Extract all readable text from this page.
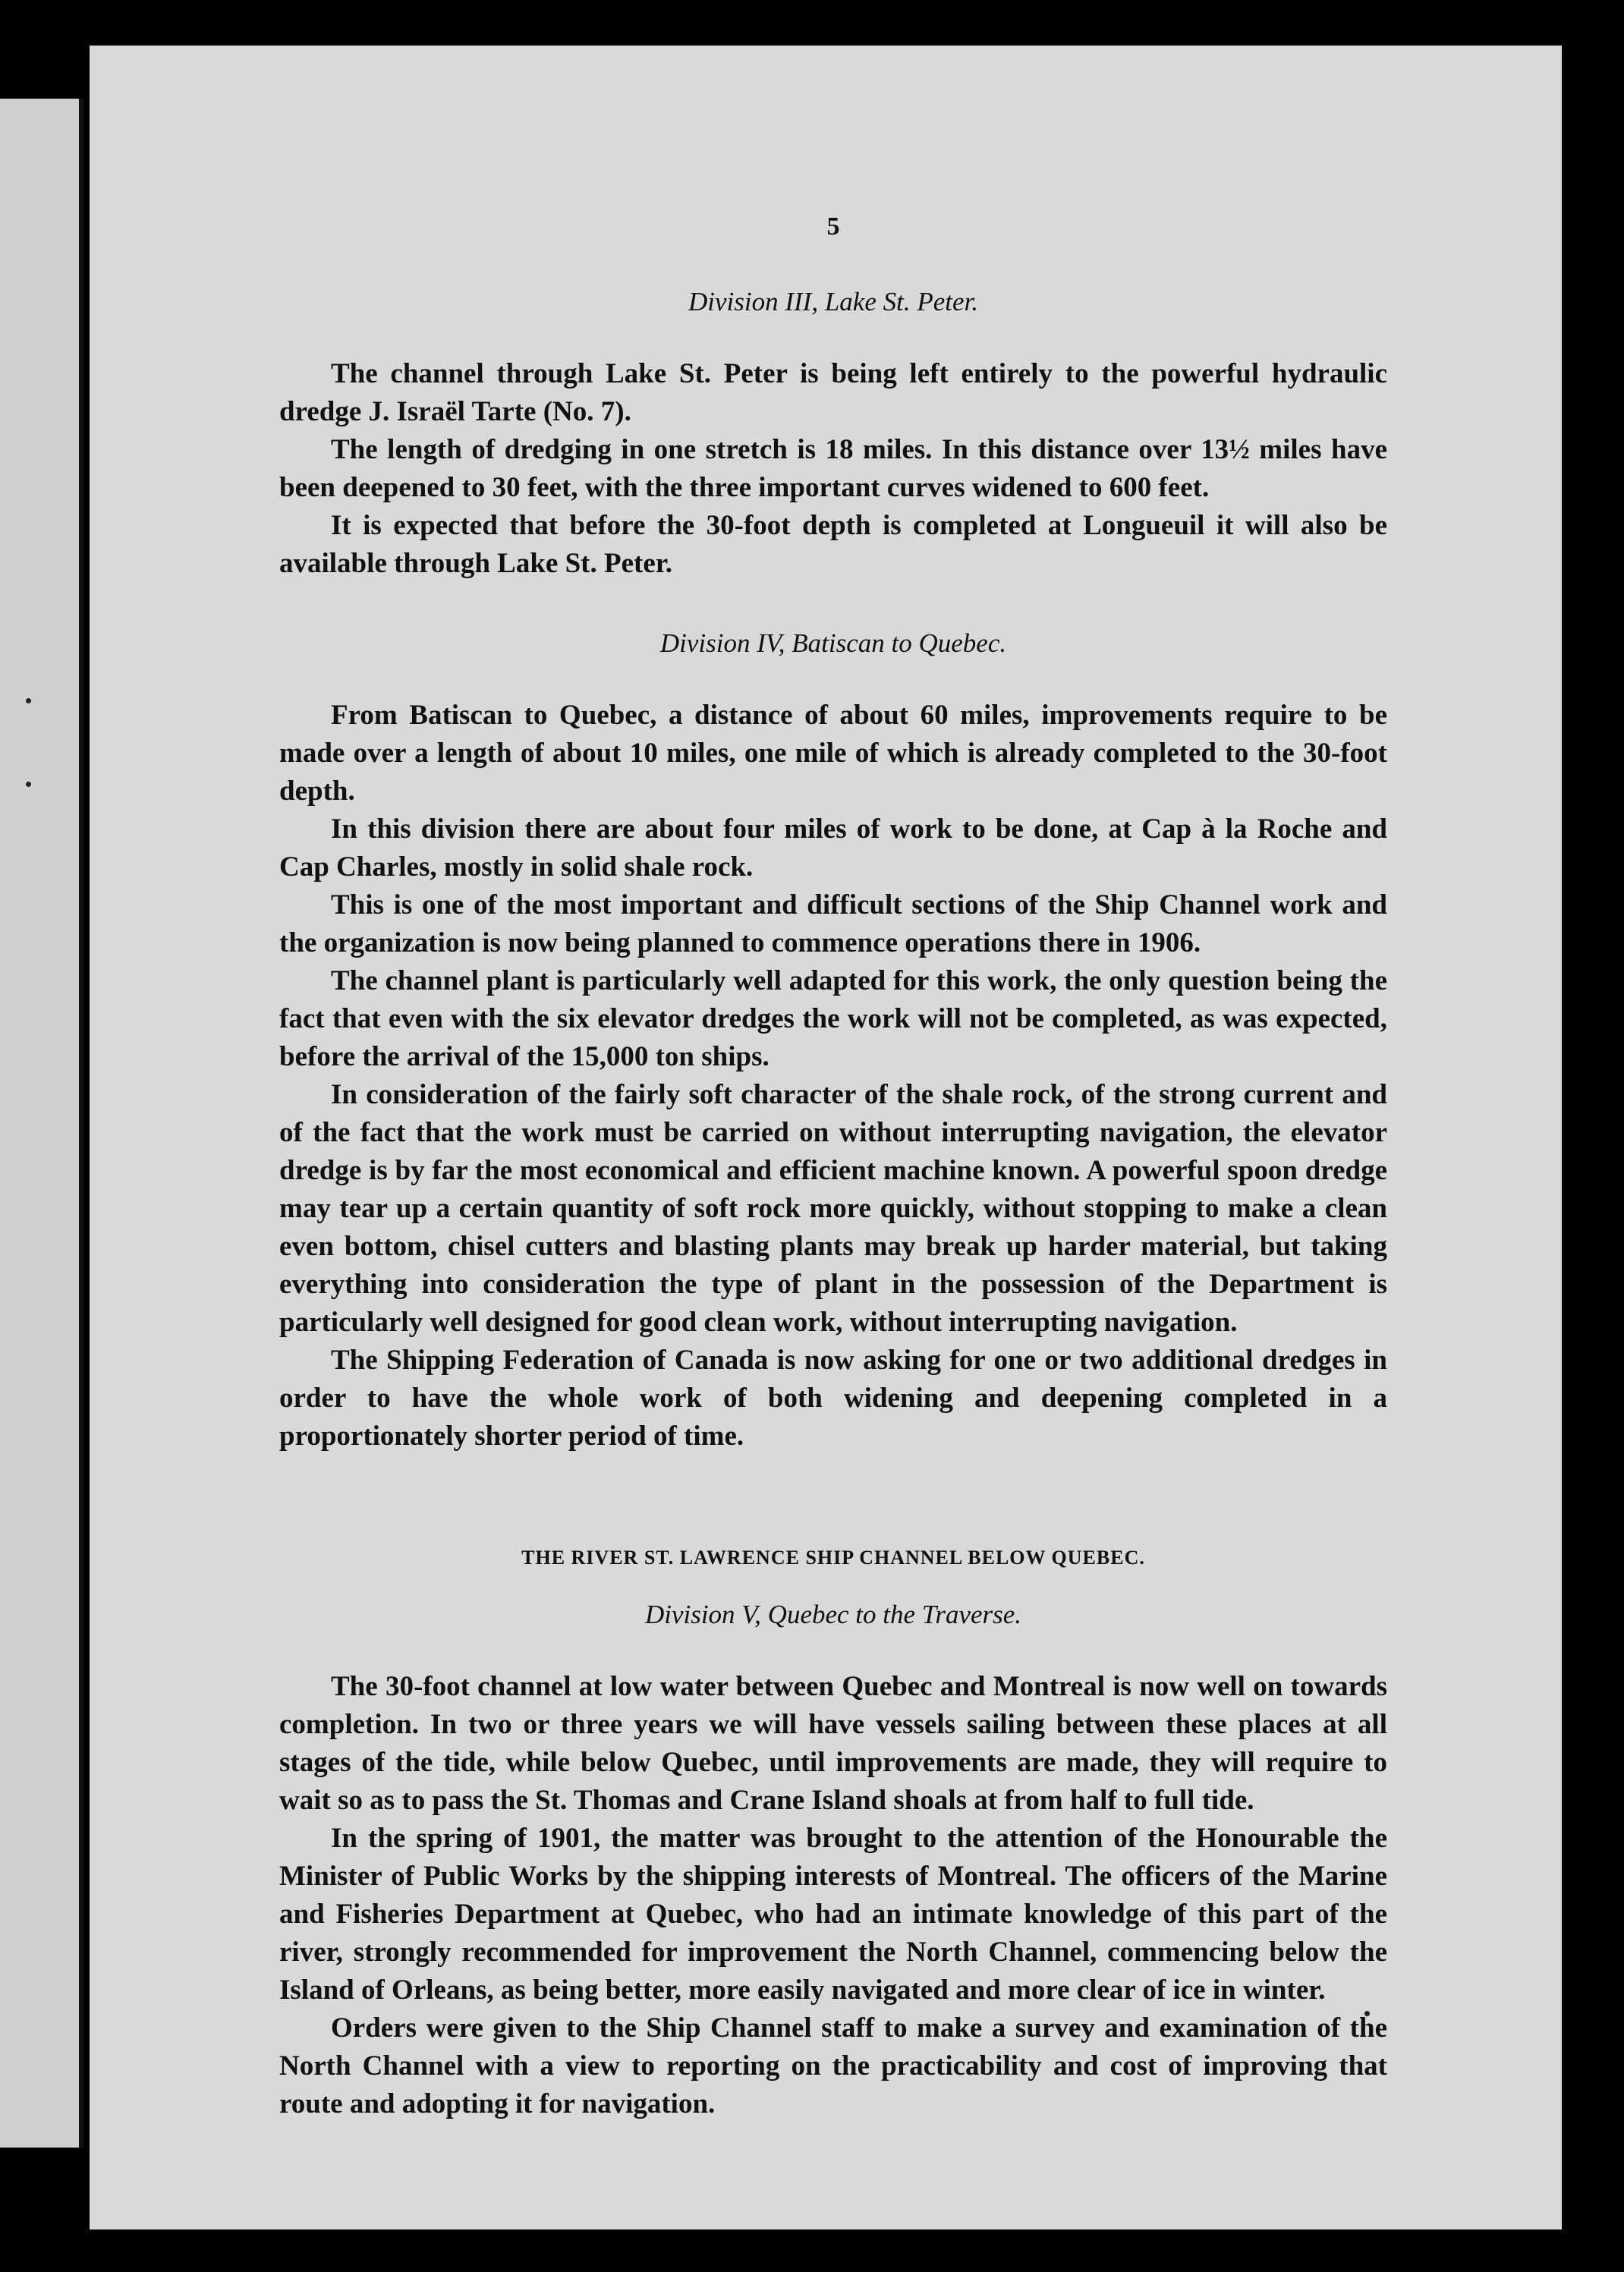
5
Division III, Lake St. Peter.

The channel through Lake St. Peter is being left entirely to the powerful hydraulic dredge J. Israël Tarte (No. 7).

The length of dredging in one stretch is 18 miles. In this distance over 13½ miles have been deepened to 30 feet, with the three important curves widened to 600 feet.

It is expected that before the 30-foot depth is completed at Longueuil it will also be available through Lake St. Peter.

Division IV, Batiscan to Quebec.

From Batiscan to Quebec, a distance of about 60 miles, improvements require to be made over a length of about 10 miles, one mile of which is already completed to the 30-foot depth.

In this division there are about four miles of work to be done, at Cap à la Roche and Cap Charles, mostly in solid shale rock.

This is one of the most important and difficult sections of the Ship Channel work and the organization is now being planned to commence operations there in 1906.

The channel plant is particularly well adapted for this work, the only question being the fact that even with the six elevator dredges the work will not be completed, as was expected, before the arrival of the 15,000 ton ships.

In consideration of the fairly soft character of the shale rock, of the strong current and of the fact that the work must be carried on without interrupting navigation, the elevator dredge is by far the most economical and efficient machine known. A powerful spoon dredge may tear up a certain quantity of soft rock more quickly, without stopping to make a clean even bottom, chisel cutters and blasting plants may break up harder material, but taking everything into consideration the type of plant in the possession of the Department is particularly well designed for good clean work, without interrupting navigation.

The Shipping Federation of Canada is now asking for one or two additional dredges in order to have the whole work of both widening and deepening completed in a proportionately shorter period of time.

THE RIVER ST. LAWRENCE SHIP CHANNEL BELOW QUEBEC.
Division V, Quebec to the Traverse.

The 30-foot channel at low water between Quebec and Montreal is now well on towards completion. In two or three years we will have vessels sailing between these places at all stages of the tide, while below Quebec, until improvements are made, they will require to wait so as to pass the St. Thomas and Crane Island shoals at from half to full tide.

In the spring of 1901, the matter was brought to the attention of the Honourable the Minister of Public Works by the shipping interests of Montreal. The officers of the Marine and Fisheries Department at Quebec, who had an intimate knowledge of this part of the river, strongly recommended for improvement the North Channel, commencing below the Island of Orleans, as being better, more easily navigated and more clear of ice in winter.

Orders were given to the Ship Channel staff to make a survey and examination of the North Channel with a view to reporting on the practicability and cost of improving that route and adopting it for navigation.
